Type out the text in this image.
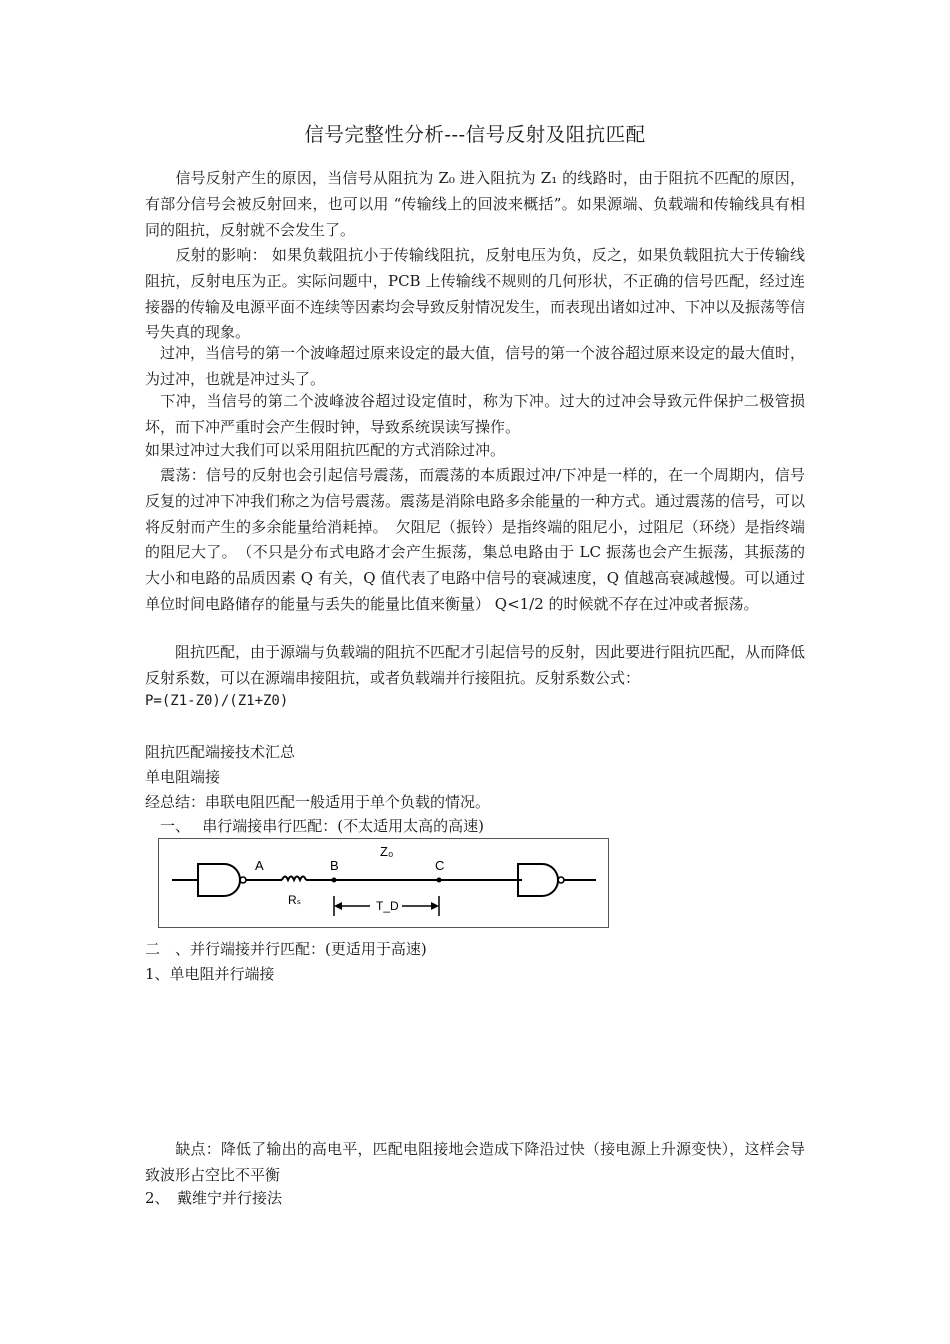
信号完整性分析---信号反射及阻抗匹配

　　信号反射产生的原因，当信号从阻抗为 Z₀ 进入阻抗为 Z₁ 的线路时，由于阻抗不匹配的原因，有部分信号会被反射回来，也可以用 “传输线上的回波来概括”。如果源端、负载端和传输线具有相同的阻抗，反射就不会发生了。

　　反射的影响： 如果负载阻抗小于传输线阻抗，反射电压为负，反之，如果负载阻抗大于传输线阻抗，反射电压为正。实际问题中，PCB 上传输线不规则的几何形状，不正确的信号匹配，经过连接器的传输及电源平面不连续等因素均会导致反射情况发生，而表现出诸如过冲、下冲以及振荡等信号失真的现象。

　过冲，当信号的第一个波峰超过原来设定的最大值，信号的第一个波谷超过原来设定的最大值时，为过冲，也就是冲过头了。

　下冲，当信号的第二个波峰波谷超过设定值时，称为下冲。过大的过冲会导致元件保护二极管损坏，而下冲严重时会产生假时钟，导致系统误读写操作。

如果过冲过大我们可以采用阻抗匹配的方式消除过冲。

　震荡：信号的反射也会引起信号震荡，而震荡的本质跟过冲/下冲是一样的，在一个周期内，信号反复的过冲下冲我们称之为信号震荡。震荡是消除电路多余能量的一种方式。通过震荡的信号，可以将反射而产生的多余能量给消耗掉。　欠阻尼（振铃）是指终端的阻尼小，过阻尼（环绕）是指终端的阻尼大了。　（不只是分布式电路才会产生振荡，集总电路由于 LC 振荡也会产生振荡，其振荡的大小和电路的品质因素 Q 有关，Q 值代表了电路中信号的衰减速度，Q 值越高衰减越慢。可以通过单位时间电路储存的能量与丢失的能量比值来衡量） Q<1/2 的时候就不存在过冲或者振荡。

　　阻抗匹配，由于源端与负载端的阻抗不匹配才引起信号的反射，因此要进行阻抗匹配，从而降低反射系数，可以在源端串接阻抗，或者负载端并行接阻抗。反射系数公式：

P=(Z1-Z0)/(Z1+Z0)

阻抗匹配端接技术汇总

单电阻端接

经总结：串联电阻匹配一般适用于单个负载的情况。

　一、　 串行端接串行匹配：(不太适用太高的高速)

A	B	C
Z₀
Rₛ	T_D

二　、并行端接并行匹配：(更适用于高速)

1、单电阻并行端接

　　缺点：降低了输出的高电平，匹配电阻接地会造成下降沿过快（接电源上升源变快），这样会导致波形占空比不平衡

2、　戴维宁并行接法
